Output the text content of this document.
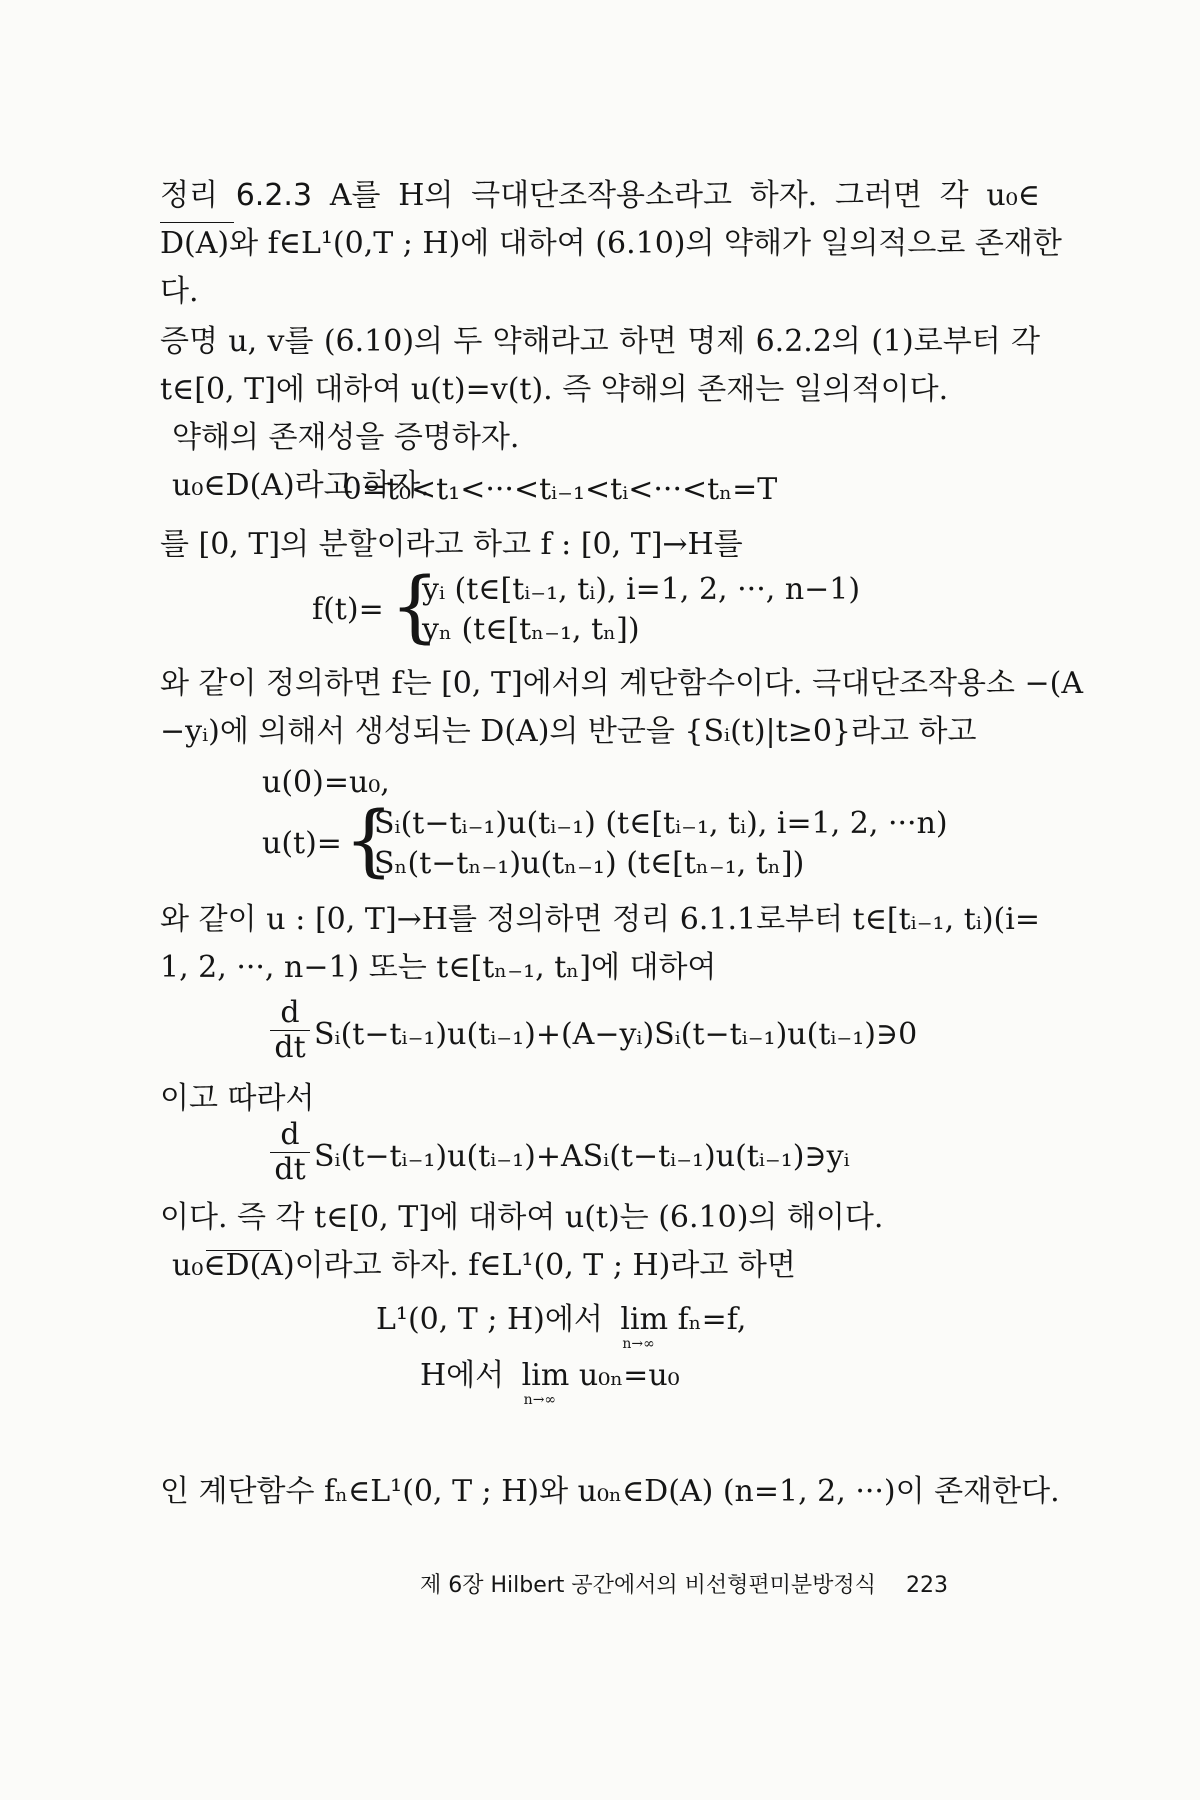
정리 6.2.3 A를 H의 극대단조작용소라고 하자. 그러면 각 u₀∈
D(A)와 f∈L¹(0,T ; H)에 대하여 (6.10)의 약해가 일의적으로 존재한
다.
증명 u, v를 (6.10)의 두 약해라고 하면 명제 6.2.2의 (1)로부터 각
t∈[0, T]에 대하여 u(t)=v(t). 즉 약해의 존재는 일의적이다.
약해의 존재성을 증명하자.
u₀∈D(A)라고 하자.
0=t₀<t₁<···<tᵢ₋₁<tᵢ<···<tₙ=T
를 [0, T]의 분할이라고 하고 f : [0, T]→H를
f(t)= {
yᵢ (t∈[tᵢ₋₁, tᵢ), i=1, 2, ···, n−1)
yₙ (t∈[tₙ₋₁, tₙ])
와 같이 정의하면 f는 [0, T]에서의 계단함수이다. 극대단조작용소 −(A
−yᵢ)에 의해서 생성되는 D(A)의 반군을 {Sᵢ(t)|t≥0}라고 하고
u(0)=u₀,
u(t)= {
Sᵢ(t−tᵢ₋₁)u(tᵢ₋₁) (t∈[tᵢ₋₁, tᵢ), i=1, 2, ···n)
Sₙ(t−tₙ₋₁)u(tₙ₋₁) (t∈[tₙ₋₁, tₙ])
와 같이 u : [0, T]→H를 정의하면 정리 6.1.1로부터 t∈[tᵢ₋₁, tᵢ)(i=
1, 2, ···, n−1) 또는 t∈[tₙ₋₁, tₙ]에 대하여
$\frac{d}{dt}$ Sᵢ(t−tᵢ₋₁)u(tᵢ₋₁)+(A−yᵢ)Sᵢ(t−tᵢ₋₁)u(tᵢ₋₁)∋0
이고 따라서
$\frac{d}{dt}$ Sᵢ(t−tᵢ₋₁)u(tᵢ₋₁)+ASᵢ(t−tᵢ₋₁)u(tᵢ₋₁)∋yᵢ
이다. 즉 각 t∈[0, T]에 대하여 u(t)는 (6.10)의 해이다.
u₀∈D(A)이라고 하자. f∈L¹(0, T ; H)라고 하면
L¹(0, T ; H)에서 lim
n→∞
fₙ=f,
H에서 lim
n→∞
u₀ₙ=u₀
인 계단함수 fₙ∈L¹(0, T ; H)와 u₀ₙ∈D(A) (n=1, 2, ···)이 존재한다.
제 6장 Hilbert 공간에서의 비선형편미분방정식 223
